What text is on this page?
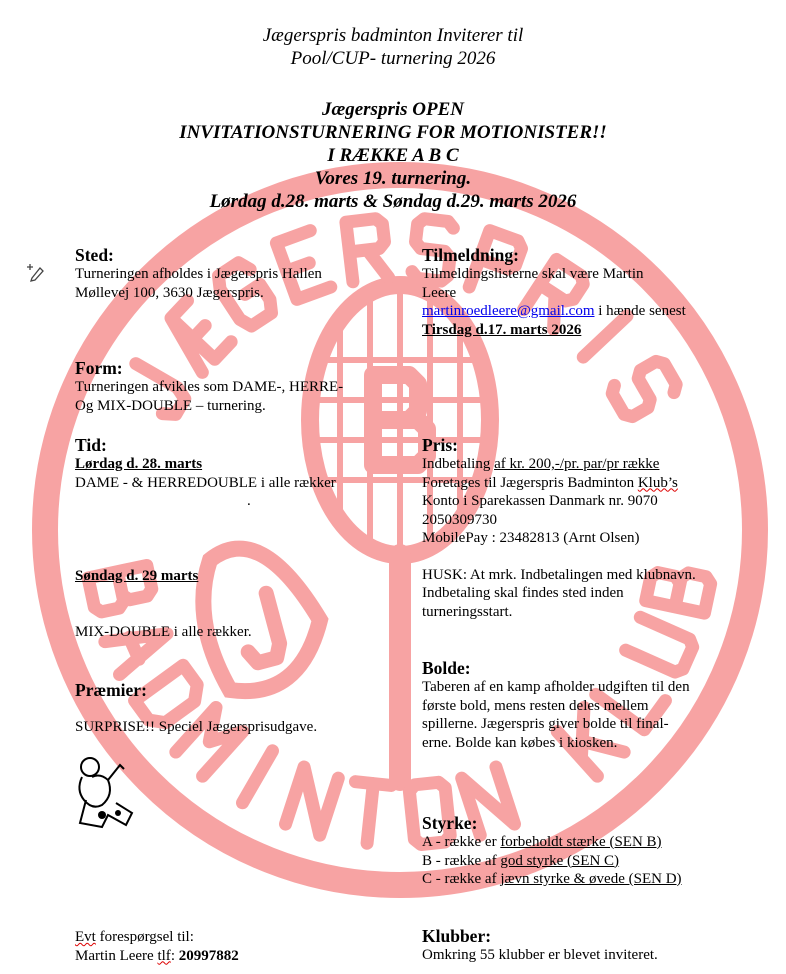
Jægerspris badminton Inviterer til
Pool/CUP- turnering 2026
Jægerspris OPEN
INVITATIONSTURNERING FOR MOTIONISTER!!
I RÆKKE A B C
Vores 19. turnering.
Lørdag d.28. marts & Søndag d.29. marts 2026
Sted:

Turneringen afholdes i Jægerspris Hallen

Møllevej 100, 3630 Jægerspris.

Form:

Turneringen afvikles som DAME-, HERRE-

Og MIX-DOUBLE – turnering.

Tid:

Lørdag d. 28. marts

DAME - & HERREDOUBLE i alle rækker

.

Søndag d. 29 marts

MIX-DOUBLE i alle rækker.

Præmier:

SURPRISE!! Speciel Jægersprisudgave.

Evt forespørgsel til:

Martin Leere tlf: 20997882

Tilmeldning:

Tilmeldingslisterne skal være Martin

Leere

martinroedleere@gmail.com i hænde senest

Tirsdag d.17. marts 2026

Pris:

Indbetaling af kr. 200,-/pr. par/pr række

Foretages til Jægerspris Badminton Klub’s

Konto i Sparekassen Danmark nr. 9070

2050309730

MobilePay : 23482813 (Arnt Olsen)

HUSK: At mrk. Indbetalingen med klubnavn.

Indbetaling skal findes sted inden

turneringsstart.

Bolde:

Taberen af en kamp afholder udgiften til den

første bold, mens resten deles mellem

spillerne. Jægerspris giver bolde til final-

erne. Bolde kan købes i kiosken.

Styrke:

A - række er forbeholdt stærke (SEN B)

B - række af god styrke (SEN C)

C - række af jævn styrke & øvede (SEN D)

Klubber:

Omkring 55 klubber er blevet inviteret.
